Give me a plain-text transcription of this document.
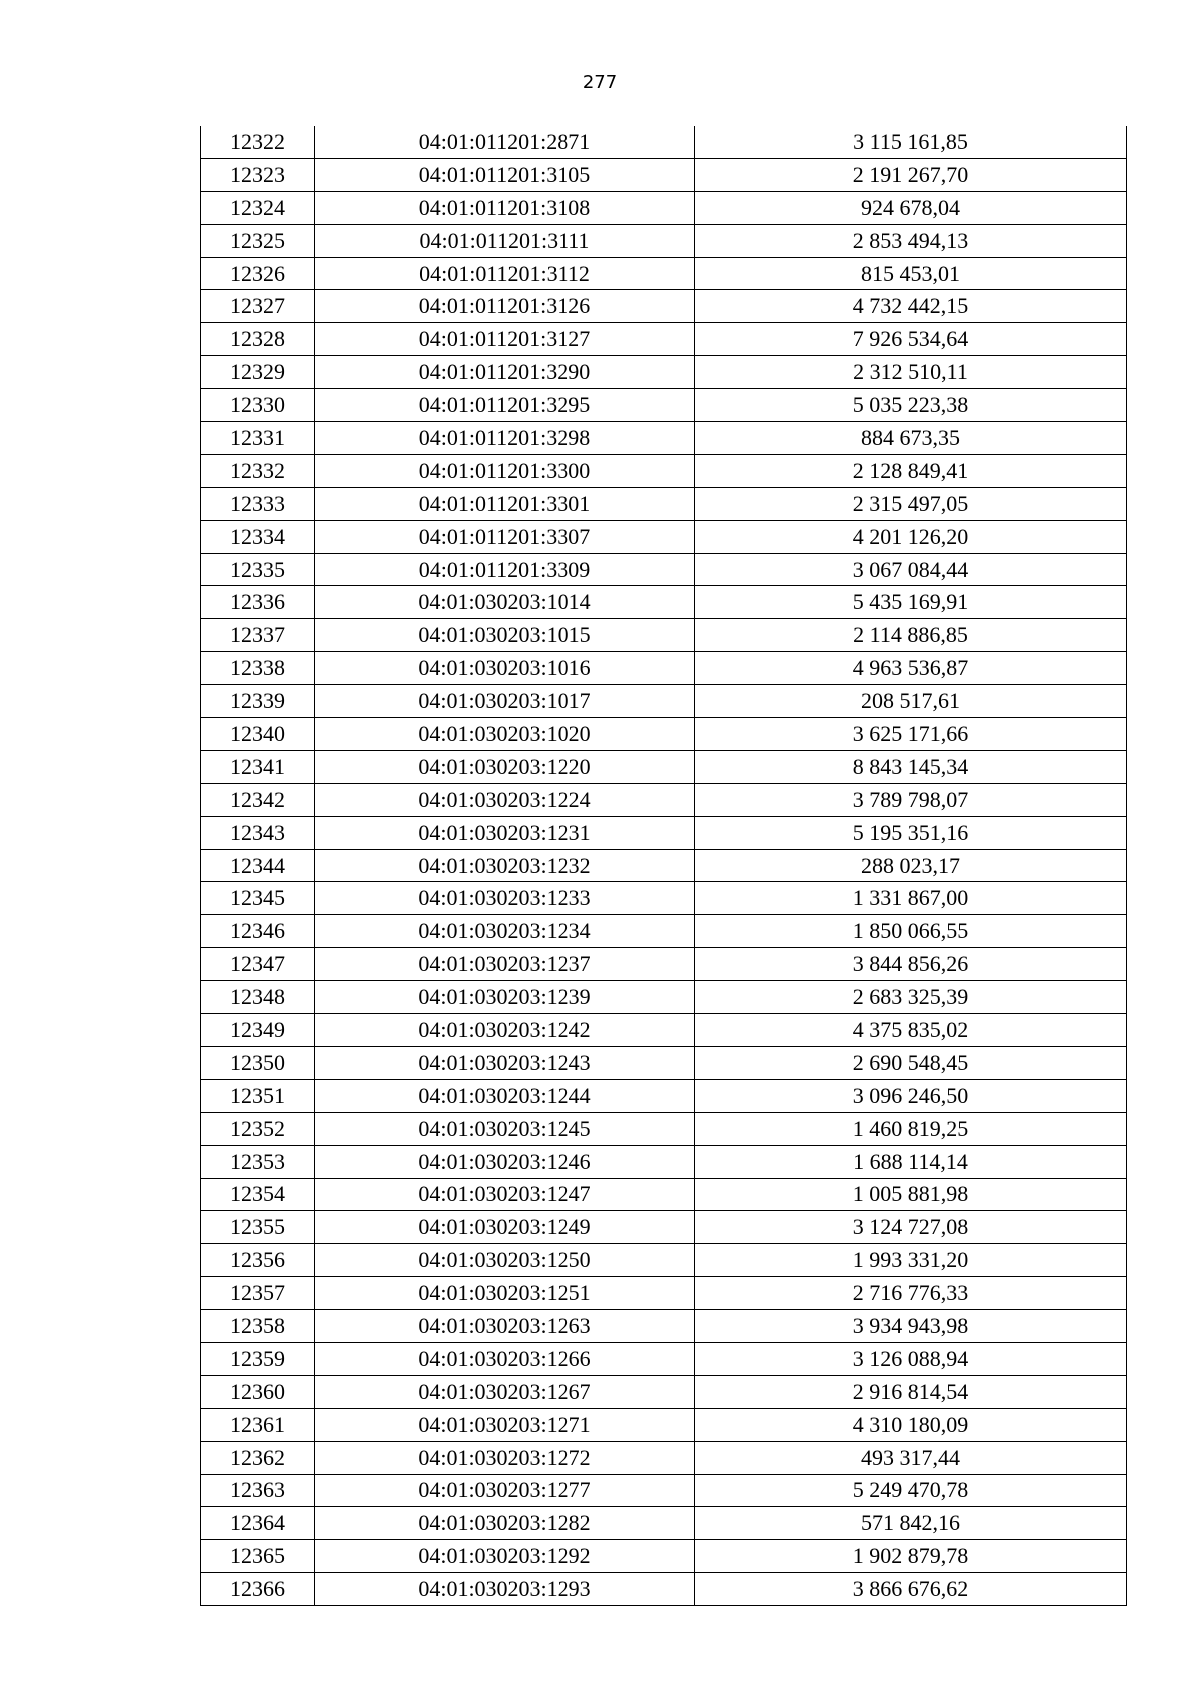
277
12322	04:01:011201:2871	3 115 161,85
12323	04:01:011201:3105	2 191 267,70
12324	04:01:011201:3108	924 678,04
12325	04:01:011201:3111	2 853 494,13
12326	04:01:011201:3112	815 453,01
12327	04:01:011201:3126	4 732 442,15
12328	04:01:011201:3127	7 926 534,64
12329	04:01:011201:3290	2 312 510,11
12330	04:01:011201:3295	5 035 223,38
12331	04:01:011201:3298	884 673,35
12332	04:01:011201:3300	2 128 849,41
12333	04:01:011201:3301	2 315 497,05
12334	04:01:011201:3307	4 201 126,20
12335	04:01:011201:3309	3 067 084,44
12336	04:01:030203:1014	5 435 169,91
12337	04:01:030203:1015	2 114 886,85
12338	04:01:030203:1016	4 963 536,87
12339	04:01:030203:1017	208 517,61
12340	04:01:030203:1020	3 625 171,66
12341	04:01:030203:1220	8 843 145,34
12342	04:01:030203:1224	3 789 798,07
12343	04:01:030203:1231	5 195 351,16
12344	04:01:030203:1232	288 023,17
12345	04:01:030203:1233	1 331 867,00
12346	04:01:030203:1234	1 850 066,55
12347	04:01:030203:1237	3 844 856,26
12348	04:01:030203:1239	2 683 325,39
12349	04:01:030203:1242	4 375 835,02
12350	04:01:030203:1243	2 690 548,45
12351	04:01:030203:1244	3 096 246,50
12352	04:01:030203:1245	1 460 819,25
12353	04:01:030203:1246	1 688 114,14
12354	04:01:030203:1247	1 005 881,98
12355	04:01:030203:1249	3 124 727,08
12356	04:01:030203:1250	1 993 331,20
12357	04:01:030203:1251	2 716 776,33
12358	04:01:030203:1263	3 934 943,98
12359	04:01:030203:1266	3 126 088,94
12360	04:01:030203:1267	2 916 814,54
12361	04:01:030203:1271	4 310 180,09
12362	04:01:030203:1272	493 317,44
12363	04:01:030203:1277	5 249 470,78
12364	04:01:030203:1282	571 842,16
12365	04:01:030203:1292	1 902 879,78
12366	04:01:030203:1293	3 866 676,62
